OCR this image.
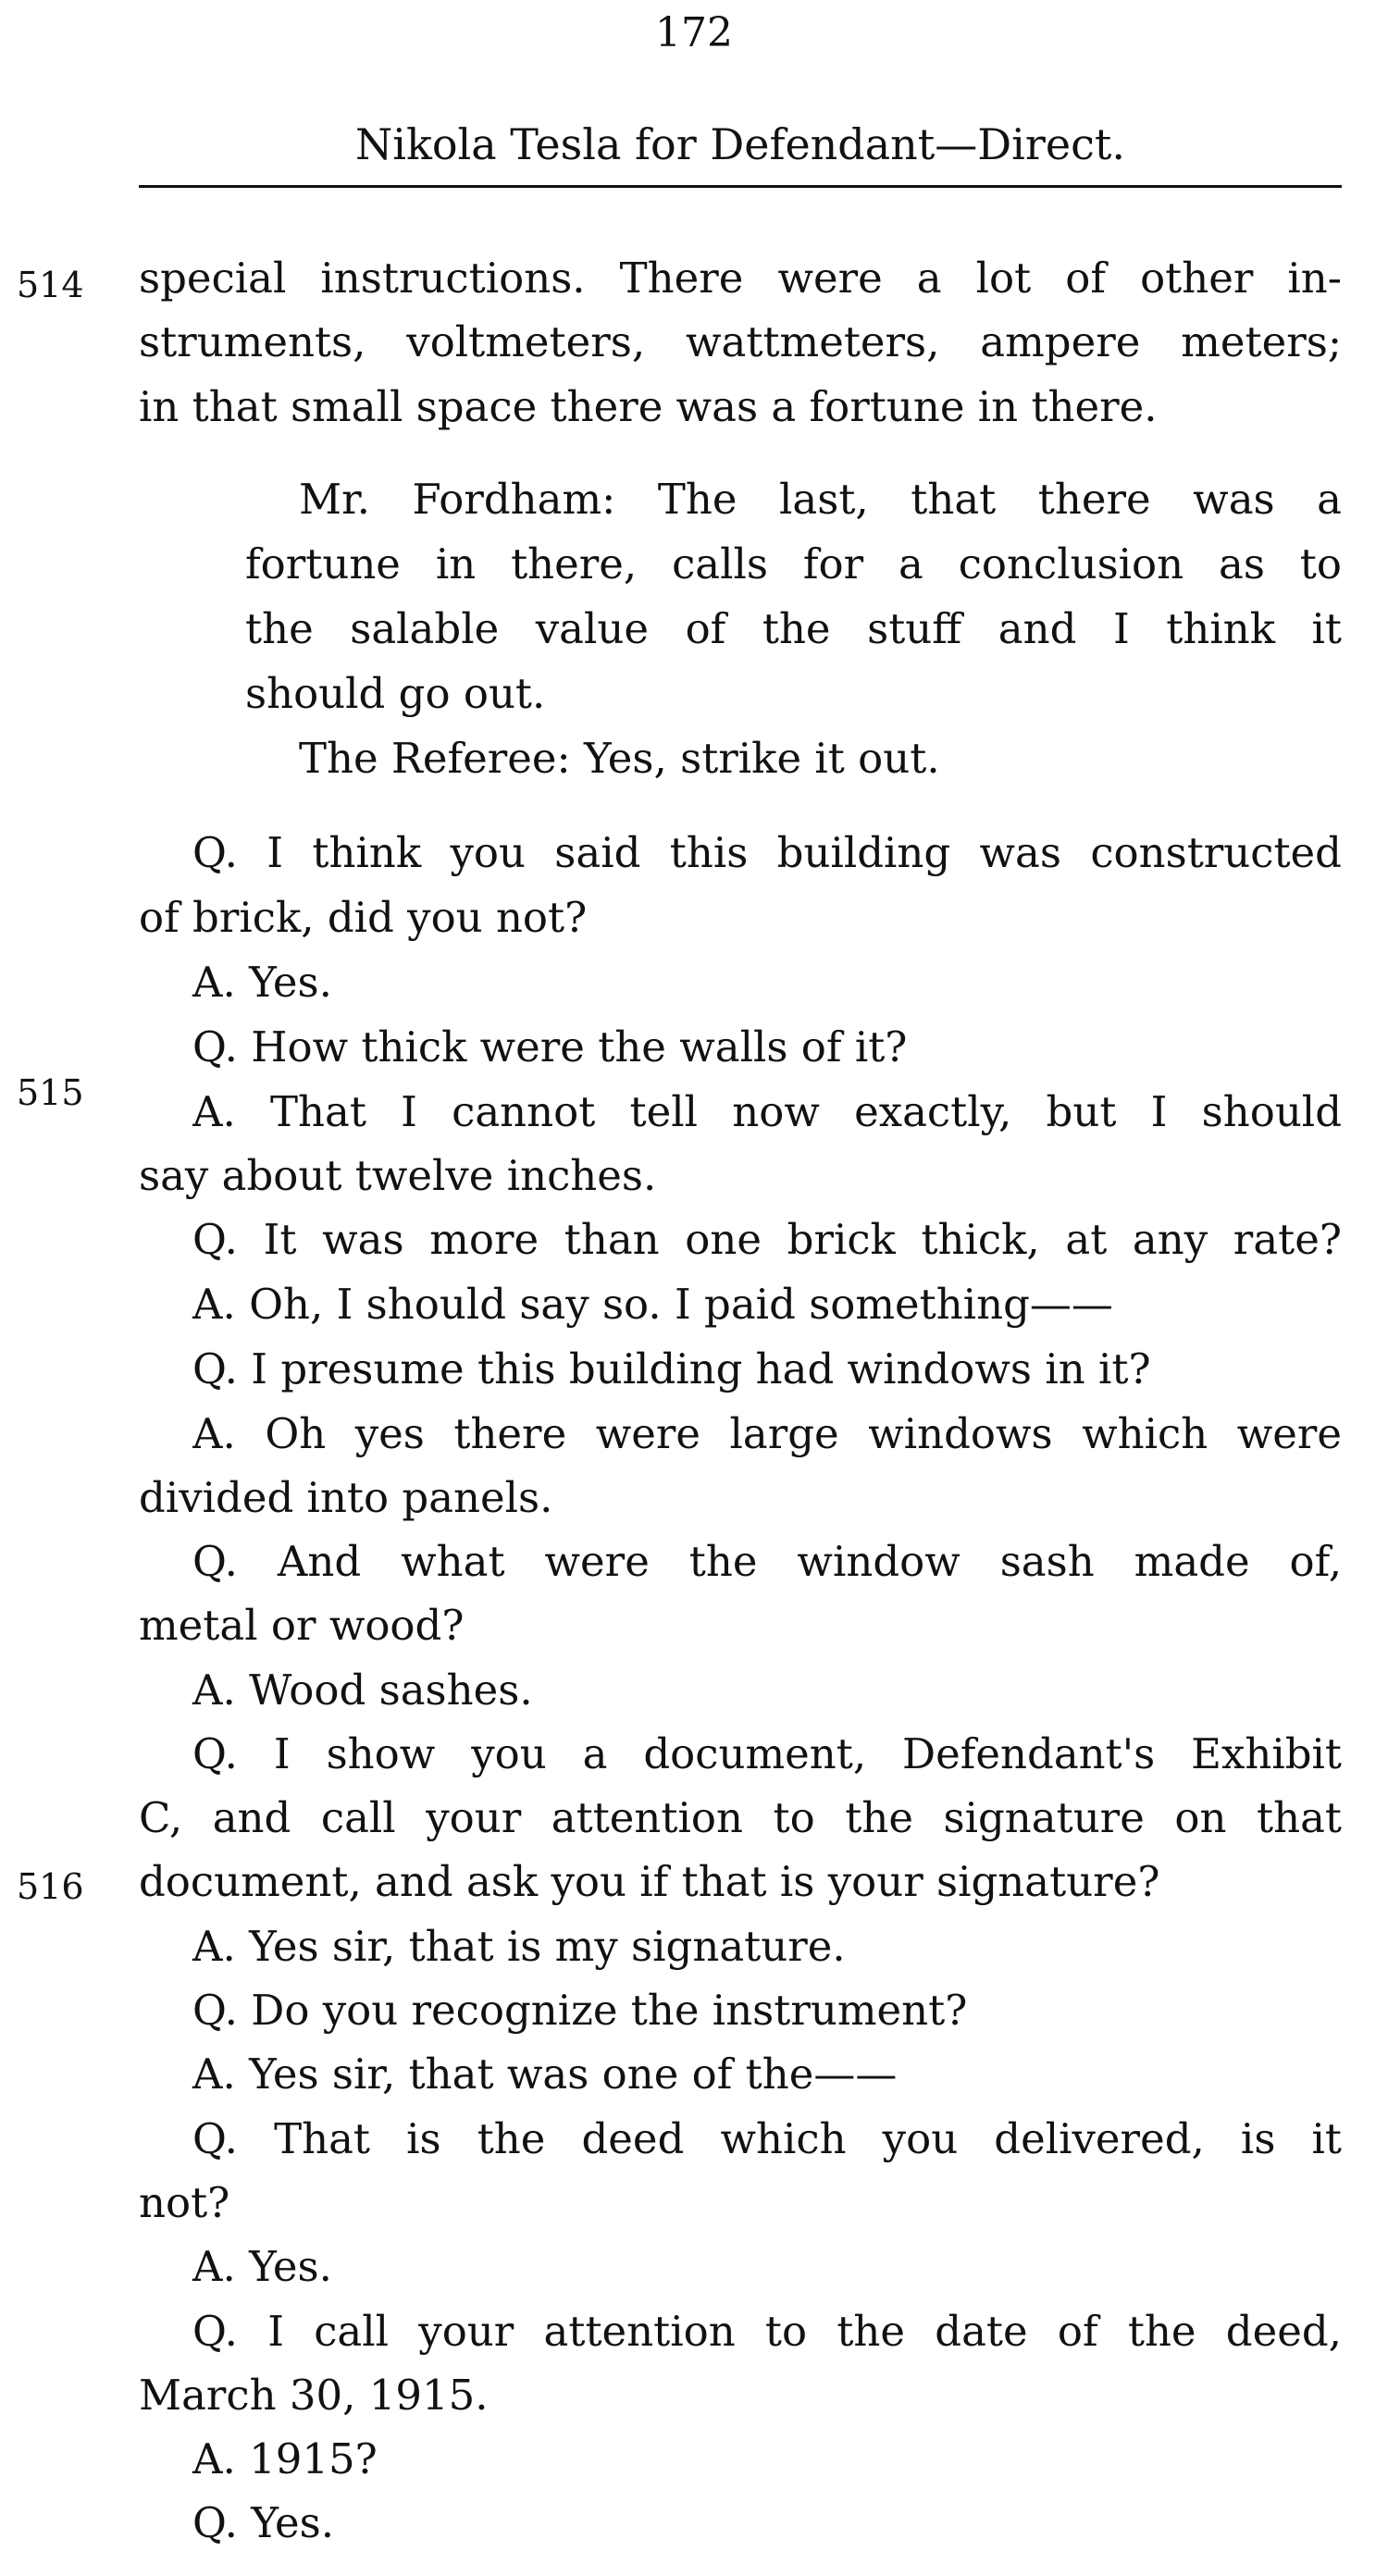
172
Nikola Tesla for Defendant—Direct.
514
515
516
special instructions. There were a lot of other in-
struments, voltmeters, wattmeters, ampere meters;
in that small space there was a fortune in there.
Mr. Fordham: The last, that there was a
fortune in there, calls for a conclusion as to
the salable value of the stuff and I think it
should go out.
The Referee: Yes, strike it out.
Q. I think you said this building was constructed
of brick, did you not?
A. Yes.
Q. How thick were the walls of it?
A. That I cannot tell now exactly, but I should
say about twelve inches.
Q. It was more than one brick thick, at any rate?
A. Oh, I should say so. I paid something——
Q. I presume this building had windows in it?
A. Oh yes there were large windows which were
divided into panels.
Q. And what were the window sash made of,
metal or wood?
A. Wood sashes.
Q. I show you a document, Defendant's Exhibit
C, and call your attention to the signature on that
document, and ask you if that is your signature?
A. Yes sir, that is my signature.
Q. Do you recognize the instrument?
A. Yes sir, that was one of the——
Q. That is the deed which you delivered, is it
not?
A. Yes.
Q. I call your attention to the date of the deed,
March 30, 1915.
A. 1915?
Q. Yes.
